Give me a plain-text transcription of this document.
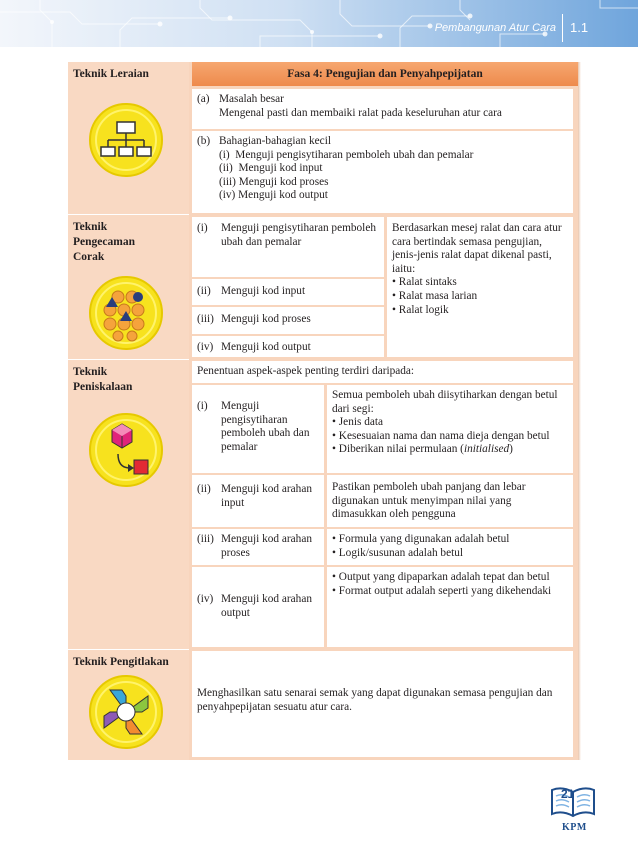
Pembangunan Atur Cara 1.1
Teknik Leraian
Teknik
Pengecaman
Corak
Teknik
Peniskalaan
Teknik Pengitlakan
Fasa 4: Pengujian dan Penyahpepijatan
(a) Masalah besar
Mengenal pasti dan membaiki ralat pada keseluruhan atur cara
(b) Bahagian-bahagian kecil
(i)  Menguji pengisytiharan pemboleh ubah dan pemalar
(ii)  Menguji kod input
(iii) Menguji kod proses
(iv) Menguji kod output
(i)	Menguji pengisytiharan pemboleh ubah dan pemalar
(ii) Menguji kod input
(iii) Menguji kod proses
(iv) Menguji kod output
Berdasarkan mesej ralat dan cara atur cara bertindak semasa pengujian, jenis-jenis ralat dapat dikenal pasti, iaitu:
• Ralat sintaks
• Ralat masa larian
• Ralat logik
Penentuan aspek-aspek penting terdiri daripada:
(i)	Menguji pengisytiharan pemboleh ubah dan pemalar
Semua pemboleh ubah diisytiharkan dengan betul dari segi:
• Jenis data
• Kesesuaian nama dan nama dieja dengan betul
• Diberikan nilai permulaan (initialised)
(ii) Menguji kod arahan input
Pastikan pemboleh ubah panjang dan lebar digunakan untuk menyimpan nilai yang dimasukkan oleh pengguna
(iii) Menguji kod arahan proses
• Formula yang digunakan adalah betul
• Logik/susunan adalah betul
(iv) Menguji kod arahan output
• Output yang dipaparkan adalah tepat dan betul
• Format output adalah seperti yang dikehendaki
Menghasilkan satu senarai semak yang dapat digunakan semasa pengujian dan penyahpepijatan sesuatu atur cara.
21
KPM
